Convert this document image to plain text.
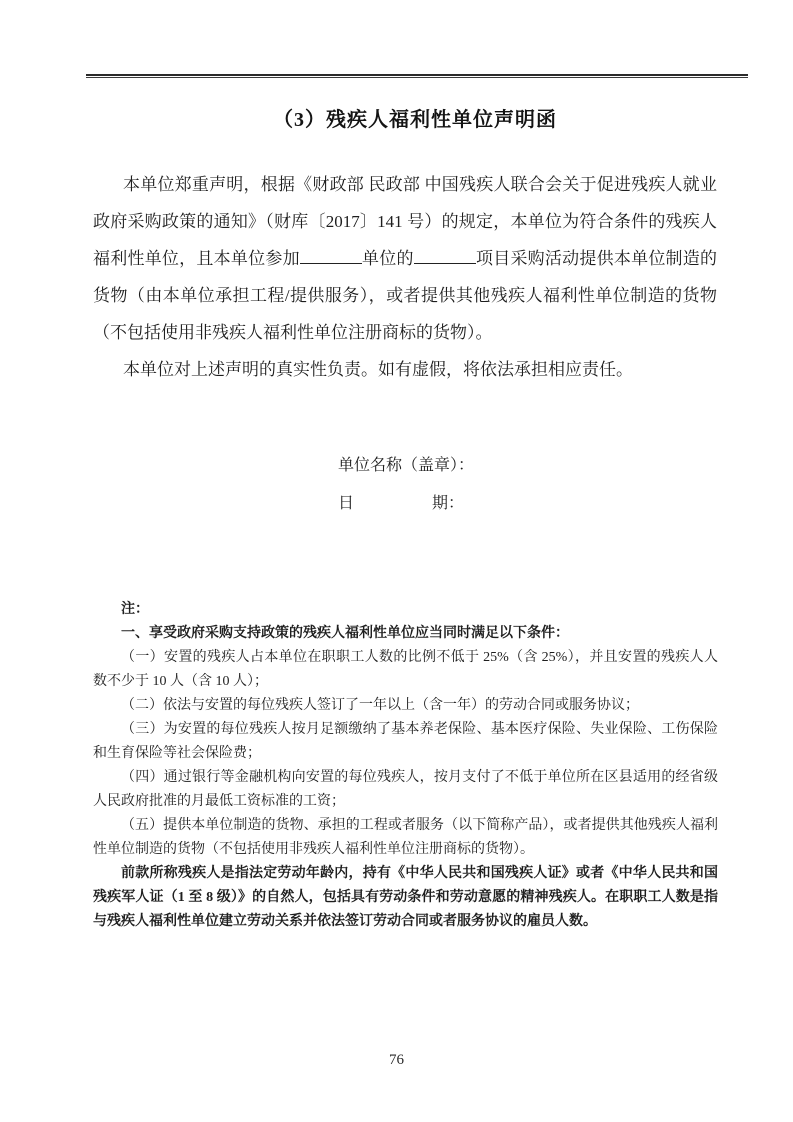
（3）残疾人福利性单位声明函

本单位郑重声明，根据《财政部 民政部 中国残疾人联合会关于促进残疾人就业政府采购政策的通知》（财库〔2017〕141 号）的规定，本单位为符合条件的残疾人福利性单位，且本单位参加	单位的	项目采购活动提供本单位制造的货物（由本单位承担工程/提供服务），或者提供其他残疾人福利性单位制造的货物（不包括使用非残疾人福利性单位注册商标的货物）。

本单位对上述声明的真实性负责。如有虚假，将依法承担相应责任。

单位名称（盖章）：

日	期：

注：

一、享受政府采购支持政策的残疾人福利性单位应当同时满足以下条件：

（一）安置的残疾人占本单位在职职工人数的比例不低于 25%（含 25%），并且安置的残疾人人数不少于 10 人（含 10 人）；

（二）依法与安置的每位残疾人签订了一年以上（含一年）的劳动合同或服务协议；

（三）为安置的每位残疾人按月足额缴纳了基本养老保险、基本医疗保险、失业保险、工伤保险和生育保险等社会保险费；

（四）通过银行等金融机构向安置的每位残疾人，按月支付了不低于单位所在区县适用的经省级人民政府批准的月最低工资标准的工资；

（五）提供本单位制造的货物、承担的工程或者服务（以下简称产品），或者提供其他残疾人福利性单位制造的货物（不包括使用非残疾人福利性单位注册商标的货物）。

前款所称残疾人是指法定劳动年龄内，持有《中华人民共和国残疾人证》或者《中华人民共和国残疾军人证（1 至 8 级）》的自然人，包括具有劳动条件和劳动意愿的精神残疾人。在职职工人数是指与残疾人福利性单位建立劳动关系并依法签订劳动合同或者服务协议的雇员人数。

76
